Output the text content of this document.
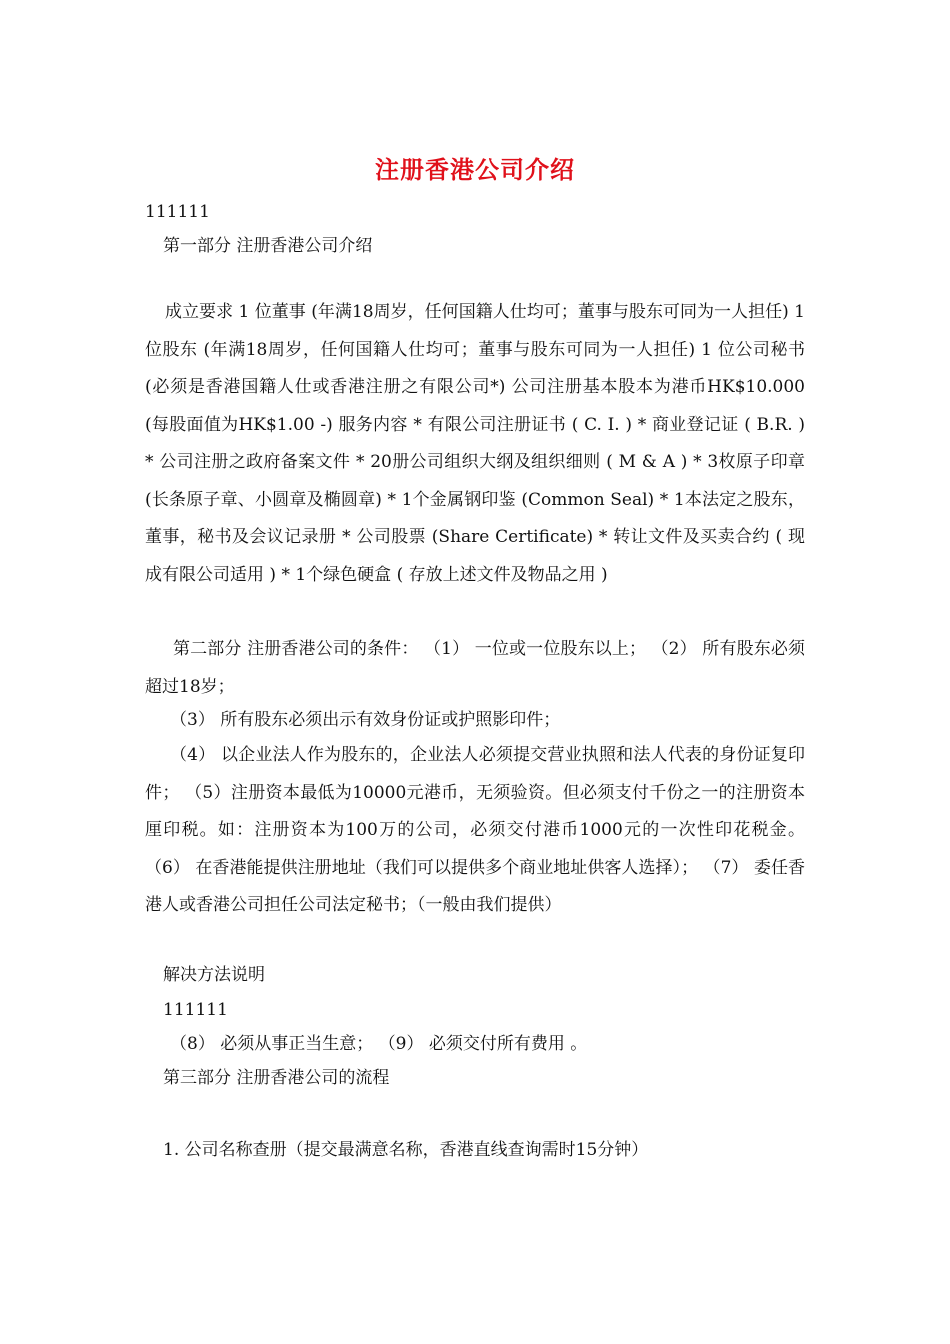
注册香港公司介绍
111111
第一部分 注册香港公司介绍
成立要求 1 位董事 (年满18周岁，任何国籍人仕均可；董事与股东可同为一人担任) 1 位股东 (年满18周岁，任何国籍人仕均可；董事与股东可同为一人担任) 1 位公司秘书 (必须是香港国籍人仕或香港注册之有限公司*) 公司注册基本股本为港币HK$10.000 (每股面值为HK$1.00 -) 服务内容 * 有限公司注册证书 ( C. I. ) * 商业登记证 ( B.R. ) * 公司注册之政府备案文件 * 20册公司组织大纲及组织细则 ( M & A ) * 3枚原子印章 (长条原子章、小圆章及椭圆章) * 1个金属钢印鉴 (Common Seal) * 1本法定之股东，董事，秘书及会议记录册 * 公司股票 (Share Certificate) * 转让文件及买卖合约 ( 现成有限公司适用 ) * 1个绿色硬盒 ( 存放上述文件及物品之用 )
第二部分 注册香港公司的条件： （1） 一位或一位股东以上； （2） 所有股东必须超过18岁；
（3） 所有股东必须出示有效身份证或护照影印件；
（4） 以企业法人作为股东的，企业法人必须提交营业执照和法人代表的身份证复印件； （5）注册资本最低为10000元港币，无须验资。但必须支付千份之一的注册资本厘印税。如：注册资本为100万的公司，必须交付港币1000元的一次性印花税金。 （6） 在香港能提供注册地址（我们可以提供多个商业地址供客人选择）； （7） 委任香港人或香港公司担任公司法定秘书；（一般由我们提供）
解决方法说明
111111
（8） 必须从事正当生意； （9） 必须交付所有费用 。
第三部分 注册香港公司的流程
1. 公司名称查册（提交最满意名称，香港直线查询需时15分钟）
